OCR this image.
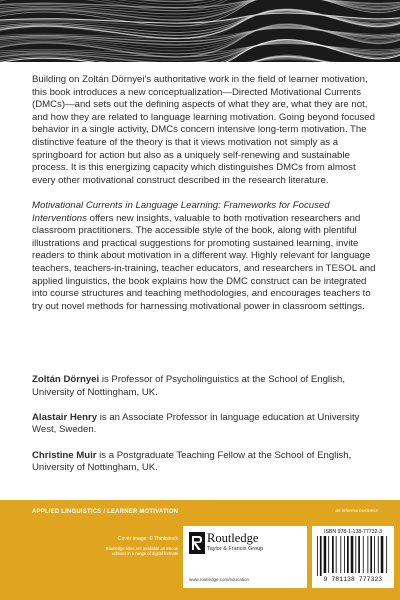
Building on Zoltán Dörnyei's authoritative work in the field of learner motivation, this book introduces a new conceptualization—Directed Motivational Currents (DMCs)—and sets out the defining aspects of what they are, what they are not, and how they are related to language learning motivation. Going beyond focused behavior in a single activity, DMCs concern intensive long-term motivation. The distinctive feature of the theory is that it views motivation not simply as a springboard for action but also as a uniquely self-renewing and sustainable process. It is this energizing capacity which distinguishes DMCs from almost every other motivational construct described in the research literature.

Motivational Currents in Language Learning: Frameworks for Focused Interventions offers new insights, valuable to both motivation researchers and classroom practitioners. The accessible style of the book, along with plentiful illustrations and practical suggestions for promoting sustained learning, invite readers to think about motivation in a different way. Highly relevant for language teachers, teachers-in-training, teacher educators, and researchers in TESOL and applied linguistics, the book explains how the DMC construct can be integrated into course structures and teaching methodologies, and encourages teachers to try out novel methods for harnessing motivational power in classroom settings.

Zoltán Dörnyei is Professor of Psycholinguistics at the School of English, University of Nottingham, UK.

Alastair Henry is an Associate Professor in language education at University West, Sweden.

Christine Muir is a Postgraduate Teaching Fellow at the School of English, University of Nottingham, UK.

APPLIED LINGUISTICS / LEARNER MOTIVATION	an informa business
Cover image: © Thinkstock
Routledge titles are available as eBook editions in a range of digital formats
Routledge
Taylor & Francis Group
www.routledge.com/education
ISBN 978-1-138-77732-3
9 781138 777323
